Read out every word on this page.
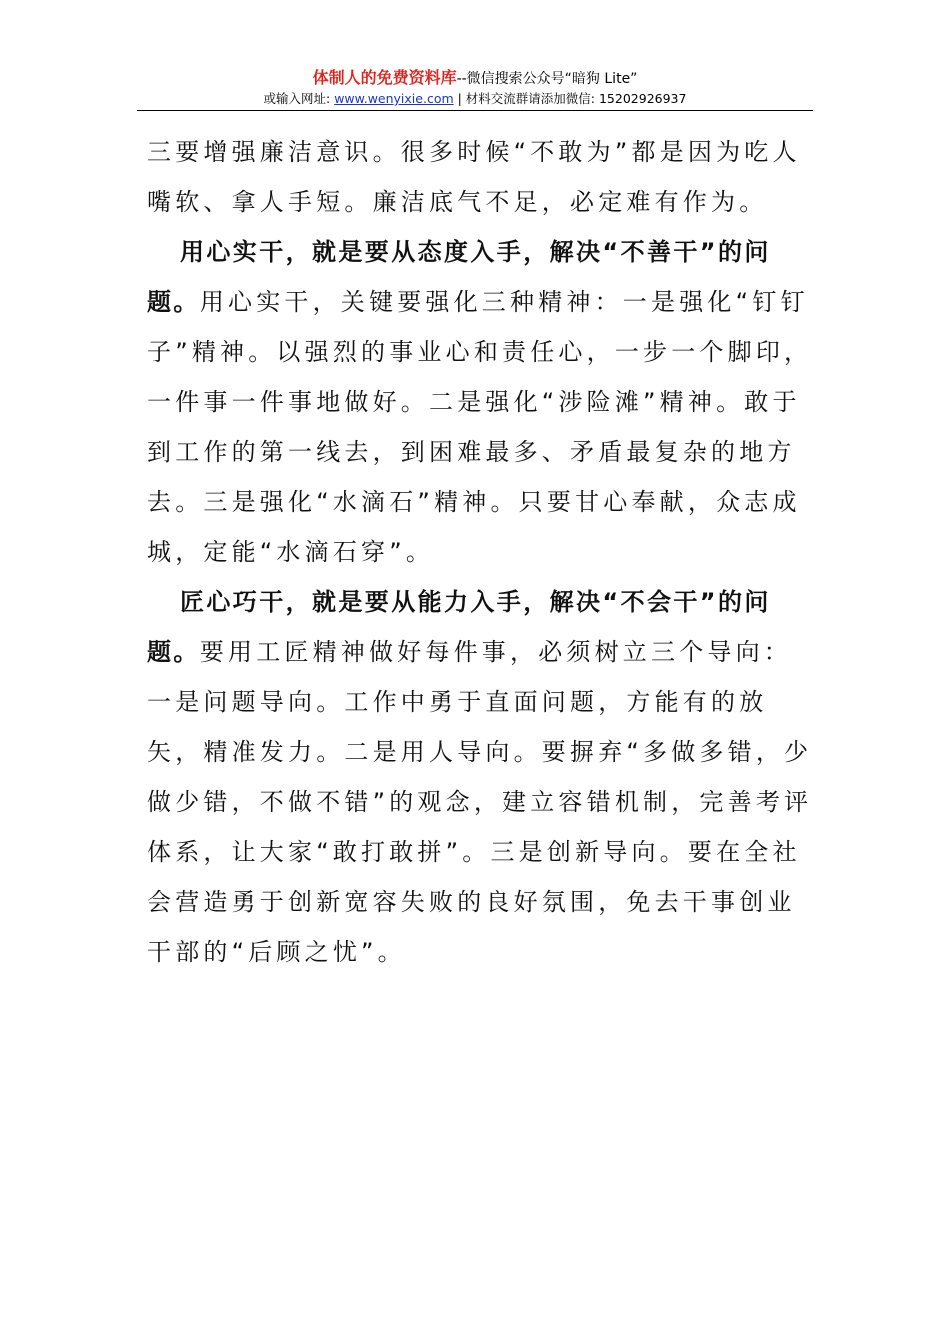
体制人的免费资料库--微信搜索公众号“暗狗 Lite”
或输入网址: www.wenyixie.com | 材料交流群请添加微信: 15202926937

三要增强廉洁意识。很多时候“不敢为”都是因为吃人嘴软、拿人手短。廉洁底气不足，必定难有作为。

用心实干，就是要从态度入手，解决“不善干”的问题。用心实干，关键要强化三种精神：一是强化“钉钉子”精神。以强烈的事业心和责任心，一步一个脚印，一件事一件事地做好。二是强化“涉险滩”精神。敢于到工作的第一线去，到困难最多、矛盾最复杂的地方去。三是强化“水滴石”精神。只要甘心奉献，众志成城，定能“水滴石穿”。

匠心巧干，就是要从能力入手，解决“不会干”的问题。要用工匠精神做好每件事，必须树立三个导向：一是问题导向。工作中勇于直面问题，方能有的放矢，精准发力。二是用人导向。要摒弃“多做多错，少做少错，不做不错”的观念，建立容错机制，完善考评体系，让大家“敢打敢拼”。三是创新导向。要在全社会营造勇于创新宽容失败的良好氛围，免去干事创业干部的“后顾之忧”。
